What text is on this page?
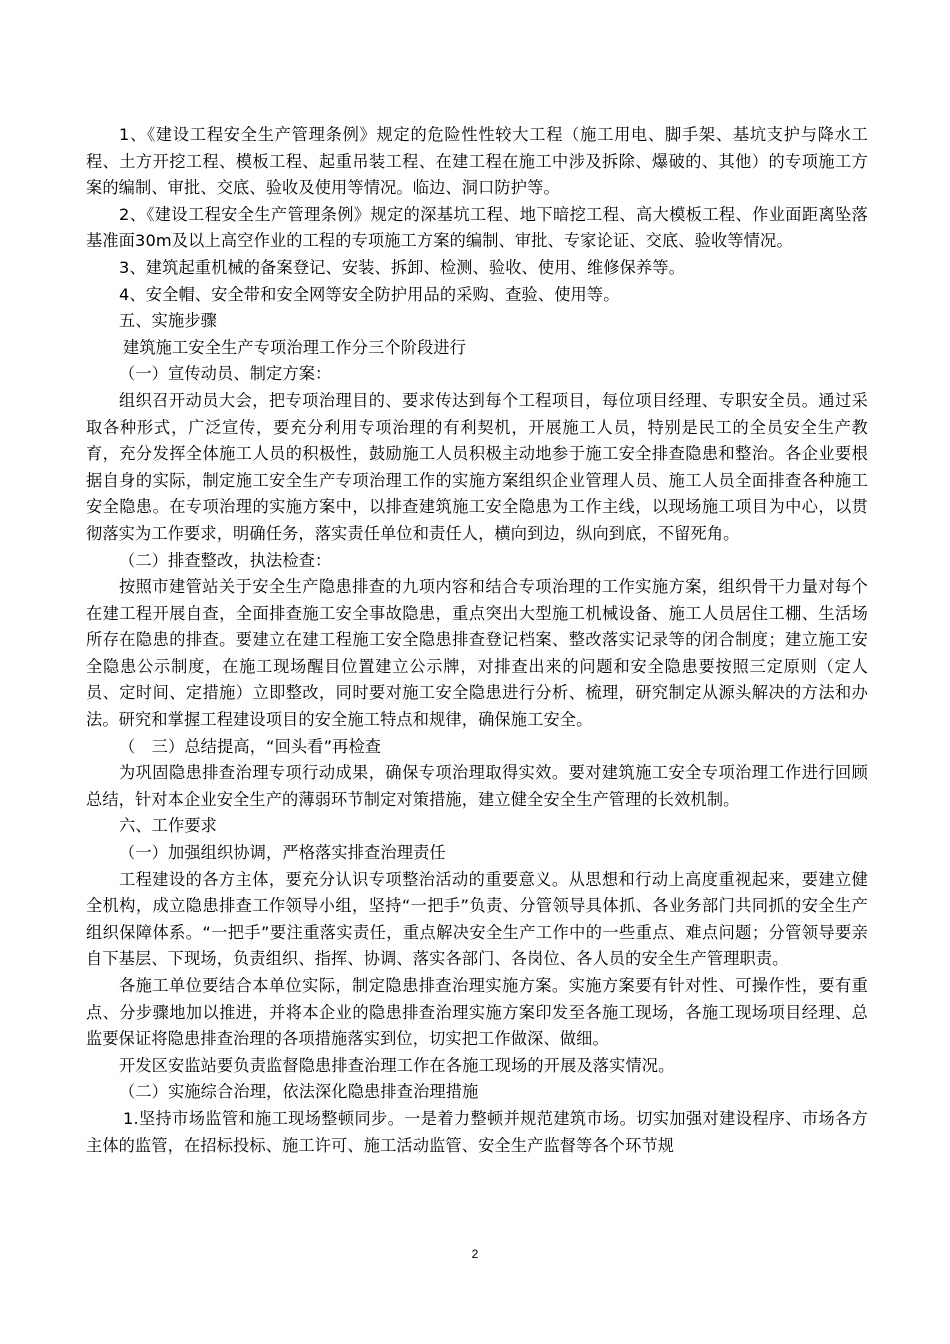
1、《建设工程安全生产管理条例》规定的危险性性较大工程（施工用电、脚手架、基坑支护与降水工程、土方开挖工程、模板工程、起重吊装工程、在建工程在施工中涉及拆除、爆破的、其他）的专项施工方案的编制、审批、交底、验收及使用等情况。临边、洞口防护等。

2、《建设工程安全生产管理条例》规定的深基坑工程、地下暗挖工程、高大模板工程、作业面距离坠落基准面30m及以上高空作业的工程的专项施工方案的编制、审批、专家论证、交底、验收等情况。

3、建筑起重机械的备案登记、安装、拆卸、检测、验收、使用、维修保养等。

4、安全帽、安全带和安全网等安全防护用品的采购、查验、使用等。

五、实施步骤

建筑施工安全生产专项治理工作分三个阶段进行

（一）宣传动员、制定方案：

组织召开动员大会，把专项治理目的、要求传达到每个工程项目，每位项目经理、专职安全员。通过采取各种形式，广泛宣传，要充分利用专项治理的有利契机，开展施工人员，特别是民工的全员安全生产教育，充分发挥全体施工人员的积极性，鼓励施工人员积极主动地参于施工安全排查隐患和整治。各企业要根据自身的实际，制定施工安全生产专项治理工作的实施方案组织企业管理人员、施工人员全面排查各种施工安全隐患。在专项治理的实施方案中，以排查建筑施工安全隐患为工作主线，以现场施工项目为中心，以贯彻落实为工作要求，明确任务，落实责任单位和责任人，横向到边，纵向到底，不留死角。

（二）排查整改，执法检查：

按照市建管站关于安全生产隐患排查的九项内容和结合专项治理的工作实施方案，组织骨干力量对每个在建工程开展自查，全面排查施工安全事故隐患，重点突出大型施工机械设备、施工人员居住工棚、生活场所存在隐患的排查。要建立在建工程施工安全隐患排查登记档案、整改落实记录等的闭合制度；建立施工安全隐患公示制度，在施工现场醒目位置建立公示牌，对排查出来的问题和安全隐患要按照三定原则（定人员、定时间、定措施）立即整改，同时要对施工安全隐患进行分析、梳理，研究制定从源头解决的方法和办法。研究和掌握工程建设项目的安全施工特点和规律，确保施工安全。

（　三）总结提高，“回头看”再检查

为巩固隐患排查治理专项行动成果，确保专项治理取得实效。要对建筑施工安全专项治理工作进行回顾总结，针对本企业安全生产的薄弱环节制定对策措施，建立健全安全生产管理的长效机制。

六、工作要求

（一）加强组织协调，严格落实排查治理责任

工程建设的各方主体，要充分认识专项整治活动的重要意义。从思想和行动上高度重视起来，要建立健全机构，成立隐患排查工作领导小组，坚持“一把手”负责、分管领导具体抓、各业务部门共同抓的安全生产组织保障体系。“一把手”要注重落实责任，重点解决安全生产工作中的一些重点、难点问题；分管领导要亲自下基层、下现场，负责组织、指挥、协调、落实各部门、各岗位、各人员的安全生产管理职责。

各施工单位要结合本单位实际，制定隐患排查治理实施方案。实施方案要有针对性、可操作性，要有重点、分步骤地加以推进，并将本企业的隐患排查治理实施方案印发至各施工现场，各施工现场项目经理、总监要保证将隐患排查治理的各项措施落实到位，切实把工作做深、做细。

开发区安监站要负责监督隐患排查治理工作在各施工现场的开展及落实情况。

（二）实施综合治理，依法深化隐患排查治理措施

1.坚持市场监管和施工现场整顿同步。一是着力整顿并规范建筑市场。切实加强对建设程序、市场各方主体的监管，在招标投标、施工许可、施工活动监管、安全生产监督等各个环节规

2
